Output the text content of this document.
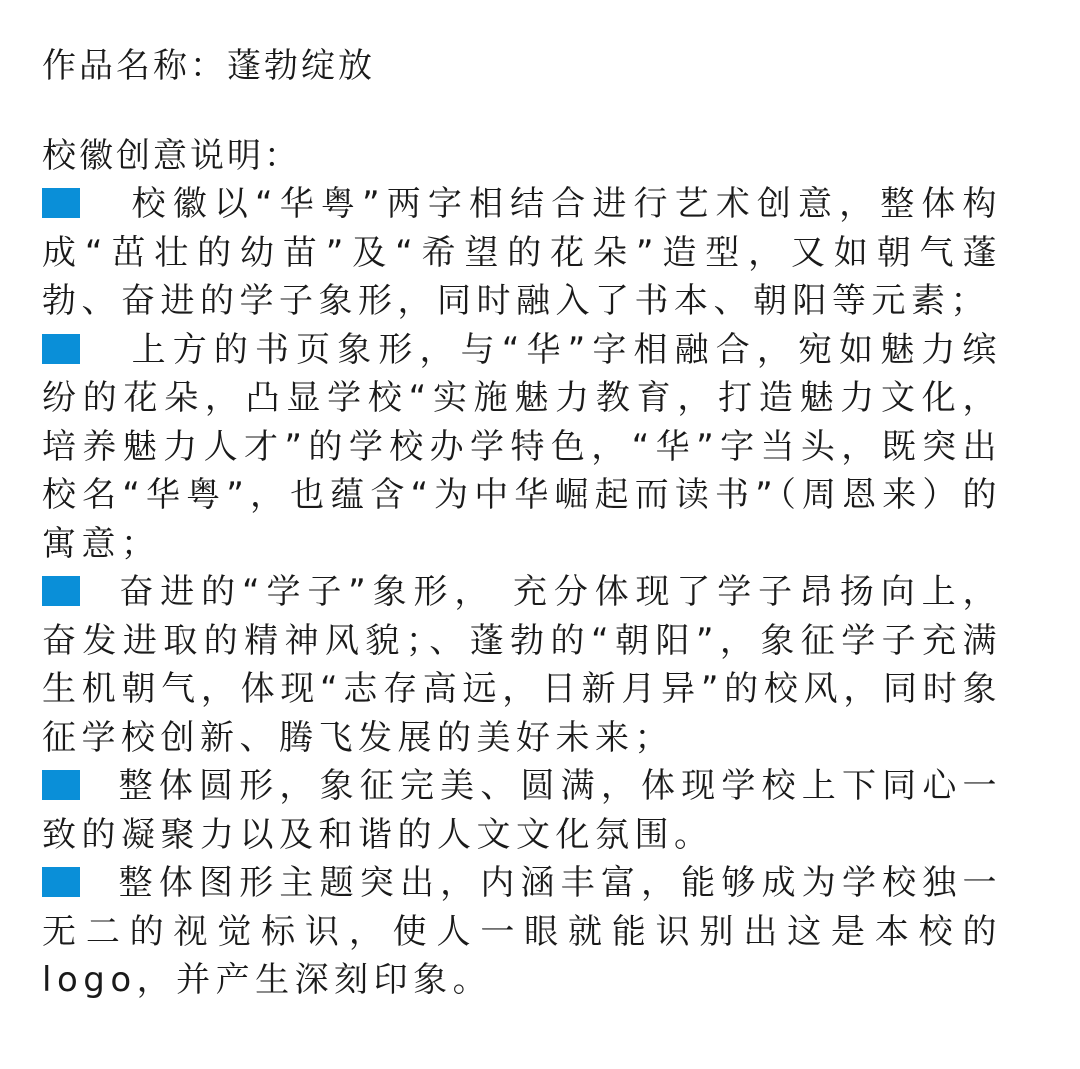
作品名称：蓬勃绽放

校徽创意说明：

校徽以“华粤”两字相结合进行艺术创意，整体构成“茁壮的幼苗”及“希望的花朵”造型，又如朝气蓬勃、奋进的学子象形，同时融入了书本、朝阳等元素；

上方的书页象形，与“华”字相融合，宛如魅力缤纷的花朵，凸显学校“实施魅力教育，打造魅力文化，培养魅力人才”的学校办学特色，“华”字当头，既突出校名“华粤”，也蕴含“为中华崛起而读书”（周恩来）的寓意；

奋进的“学子”象形， 充分体现了学子昂扬向上，奋发进取的精神风貌；、蓬勃的“朝阳”，象征学子充满生机朝气，体现“志存高远，日新月异”的校风，同时象征学校创新、腾飞发展的美好未来；

整体圆形，象征完美、圆满，体现学校上下同心一致的凝聚力以及和谐的人文文化氛围。

整体图形主题突出，内涵丰富，能够成为学校独一无二的视觉标识，使人一眼就能识别出这是本校的logo，并产生深刻印象。
